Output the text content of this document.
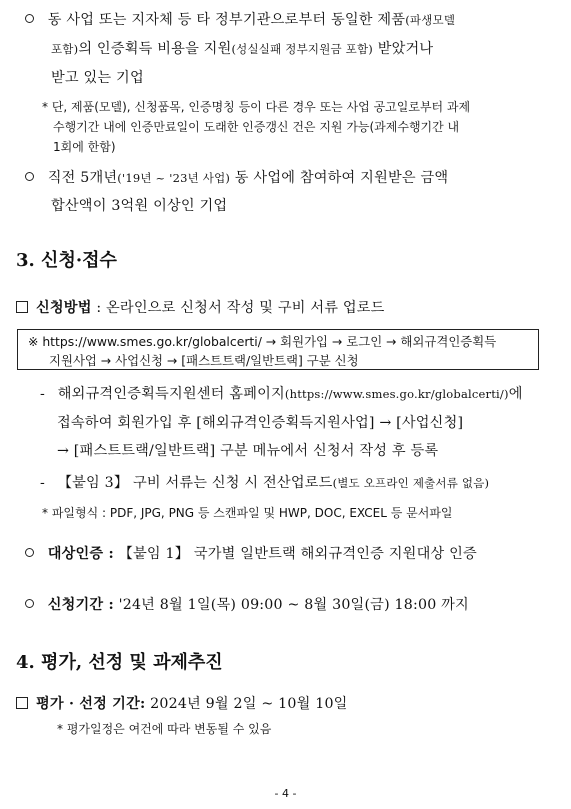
동 사업 또는 지자체 등 타 정부기관으로부터 동일한 제품(파생모델
포함)의 인증획득 비용을 지원(성실실패 정부지원금 포함) 받았거나
받고 있는 기업
* 단, 제품(모델), 신청품목, 인증명칭 등이 다른 경우 또는 사업 공고일로부터 과제
수행기간 내에 인증만료일이 도래한 인증갱신 건은 지원 가능(과제수행기간 내
1회에 한함)
직전 5개년('19년 ~ '23년 사업) 동 사업에 참여하여 지원받은 금액
합산액이 3억원 이상인 기업
3. 신청·접수
신청방법 : 온라인으로 신청서 작성 및 구비 서류 업로드
※ https://www.smes.go.kr/globalcerti/ → 회원가입 → 로그인 → 해외규격인증획득
지원사업 → 사업신청 → [패스트트랙/일반트랙] 구분 신청
- 해외규격인증획득지원센터 홈페이지(https://www.smes.go.kr/globalcerti/)에
접속하여 회원가입 후 [해외규격인증획득지원사업] → [사업신청]
→ [패스트트랙/일반트랙] 구분 메뉴에서 신청서 작성 후 등록
- 【붙임 3】 구비 서류는 신청 시 전산업로드(별도 오프라인 제출서류 없음)
* 파일형식 : PDF, JPG, PNG 등 스캔파일 및 HWP, DOC, EXCEL 등 문서파일
대상인증 : 【붙임 1】 국가별 일반트랙 해외규격인증 지원대상 인증
신청기간 : '24년 8월 1일(목) 09:00 ~ 8월 30일(금) 18:00 까지
4. 평가, 선정 및 과제추진
평가 · 선정 기간: 2024년 9월 2일 ~ 10월 10일
* 평가일정은 여건에 따라 변동될 수 있음
- 4 -
